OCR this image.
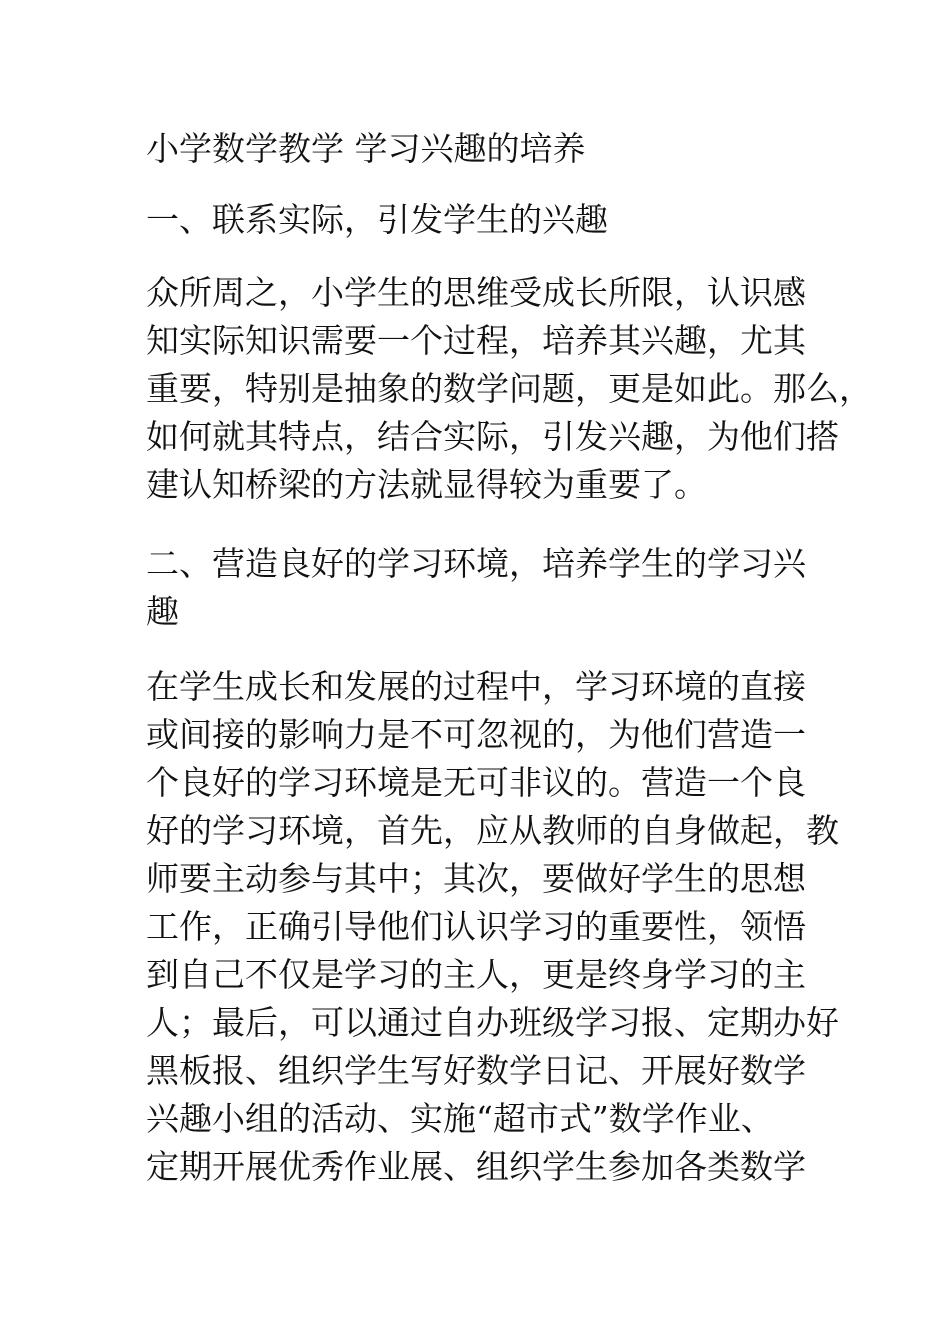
小学数学教学 学习兴趣的培养
一、联系实际，引发学生的兴趣
众所周之，小学生的思维受成长所限，认识感
知实际知识需要一个过程，培养其兴趣，尤其
重要，特别是抽象的数学问题，更是如此。那么，
如何就其特点，结合实际，引发兴趣，为他们搭
建认知桥梁的方法就显得较为重要了。
二、营造良好的学习环境，培养学生的学习兴
趣
在学生成长和发展的过程中，学习环境的直接
或间接的影响力是不可忽视的，为他们营造一
个良好的学习环境是无可非议的。营造一个良
好的学习环境，首先，应从教师的自身做起，教
师要主动参与其中；其次，要做好学生的思想
工作，正确引导他们认识学习的重要性，领悟
到自己不仅是学习的主人，更是终身学习的主
人；最后，可以通过自办班级学习报、定期办好
黑板报、组织学生写好数学日记、开展好数学
兴趣小组的活动、实施“超市式”数学作业、
定期开展优秀作业展、组织学生参加各类数学
